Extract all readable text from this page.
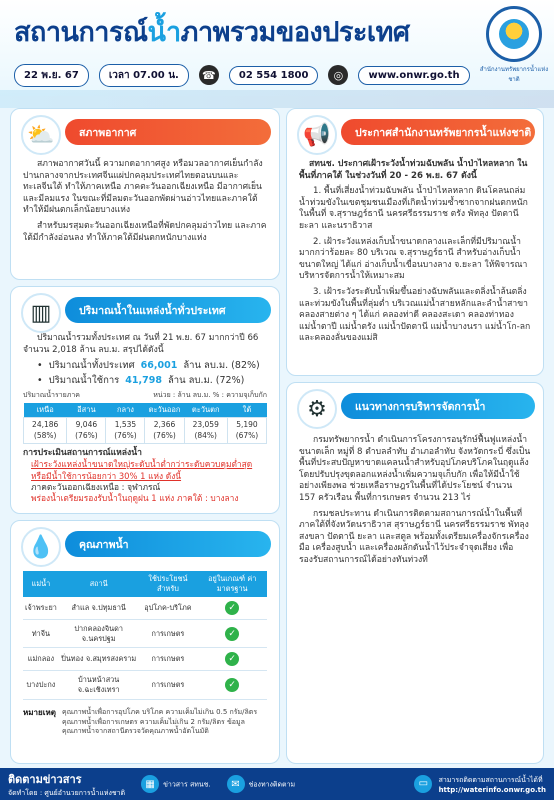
สถานการณ์น้ำภาพรวมของประเทศ
สำนักงานทรัพยากรน้ำแห่งชาติ
22 พ.ย. 67	เวลา 07.00 น.	☎	02 554 1800	◎	www.onwr.go.th
⛅	สภาพอากาศ

สภาพอากาศวันนี้ ความกดอากาศสูง หรือมวลอากาศเย็นกำลังปานกลางจากประเทศจีนแผ่ปกคลุมประเทศไทยตอนบนและทะเลจีนใต้ ทำให้ภาคเหนือ ภาคตะวันออกเฉียงเหนือ มีอากาศเย็นและมีลมแรง ในขณะที่มีลมตะวันออกพัดผ่านอ่าวไทยและภาคใต้ ทำให้มีฝนตกเล็กน้อยบางแห่ง

สำหรับมรสุมตะวันออกเฉียงเหนือที่พัดปกคลุมอ่าวไทย และภาคใต้มีกำลังอ่อนลง ทำให้ภาคใต้มีฝนตกหนักบางแห่ง

▥	ปริมาณน้ำในแหล่งน้ำทั่วประเทศ

ปริมาณน้ำรวมทั้งประเทศ ณ วันที่ 21 พ.ย. 67 มากกว่าปี 66 จำนวน 2,018 ล้าน ลบ.ม. สรุปได้ดังนี้

• ปริมาณน้ำทั้งประเทศ 66,001 ล้าน ลบ.ม. (82%)
• ปริมาณน้ำใช้การ 41,798 ล้าน ลบ.ม. (72%)
ปริมาณน้ำรายภาค	หน่วย : ล้าน ลบ.ม. % : ความจุเก็บกัก
เหนือ	อีสาน	กลาง	ตะวันออก	ตะวันตก	ใต้
24,186 (58%)	9,046 (76%)	1,535 (76%)	2,366 (76%)	23,059 (84%)	5,190 (67%)
การประเมินสถานการณ์แหล่งน้ำ
เฝ้าระวังแหล่งน้ำขนาดใหญ่ระดับน้ำต่ำกว่าระดับควบคุมต่ำสุดหรือมีน้ำใช้การน้อยกว่า 30% 1 แห่ง ดังนี้
ภาคตะวันออกเฉียงเหนือ : จุฬาภรณ์
พร่องน้ำเตรียมรองรับน้ำในฤดูฝน 1 แห่ง ภาคใต้ : บางลาง
💧	คุณภาพน้ำ
แม่น้ำ	สถานี	ใช้ประโยชน์ สำหรับ	อยู่ในเกณฑ์ ค่ามาตรฐาน
เจ้าพระยา	สำแล จ.ปทุมธานี	อุปโภค-บริโภค	✓
ท่าจีน	ปากคลองจินดา จ.นครปฐม	การเกษตร	✓
แม่กลอง	ปิ่นทอง จ.สมุทรสงคราม	การเกษตร	✓
บางปะกง	บ้านหน้าสวน จ.ฉะเชิงเทรา	การเกษตร	✓
หมายเหตุ คุณภาพน้ำเพื่อการอุปโภค บริโภค ความเค็มไม่เกิน 0.5 กรัม/ลิตร คุณภาพน้ำเพื่อการเกษตร ความเค็มไม่เกิน 2 กรัม/ลิตร ข้อมูลคุณภาพน้ำจากสถานีตรวจวัดคุณภาพน้ำอัตโนมัติ
📢	ประกาศสำนักงานทรัพยากรน้ำแห่งชาติ

สทนช. ประกาศเฝ้าระวังน้ำท่วมฉับพลัน น้ำป่าไหลหลาก ในพื้นที่ภาคใต้ ในช่วงวันที่ 20 - 26 พ.ย. 67 ดังนี้

1. พื้นที่เสี่ยงน้ำท่วมฉับพลัน น้ำป่าไหลหลาก ดินโคลนถล่ม น้ำท่วมขังในเขตชุมชนเมืองที่เกิดน้ำท่วมซ้ำซากจากฝนตกหนักในพื้นที่ จ.สุราษฎร์ธานี นครศรีธรรมราช ตรัง พัทลุง ปัตตานี ยะลา และนราธิวาส

2. เฝ้าระวังแหล่งเก็บน้ำขนาดกลางและเล็กที่มีปริมาณน้ำมากกว่าร้อยละ 80 บริเวณ จ.สุราษฎร์ธานี สำหรับอ่างเก็บน้ำขนาดใหญ่ ได้แก่ อ่างเก็บน้ำเขื่อนบางลาง จ.ยะลา ให้พิจารณาบริหารจัดการน้ำให้เหมาะสม

3. เฝ้าระวังระดับน้ำเพิ่มขึ้นอย่างฉับพลันและตลิ่งน้ำล้นตลิ่งและท่วมขังในพื้นที่ลุ่มต่ำ บริเวณแม่น้ำสายหลักและลำน้ำสาขา คลองสายต่าง ๆ ได้แก่ คลองท่าดี คลองสะเดา คลองท่าทอง แม่น้ำตาปี แม่น้ำตรัง แม่น้ำปัตตานี แม่น้ำบางนรา แม่น้ำโก-ลก และคลองลั่นของแม่สิ

⚙	แนวทางการบริหารจัดการน้ำ

กรมทรัพยากรน้ำ ดำเนินการโครงการอนุรักษ์ฟื้นฟูแหล่งน้ำขนาดเล็ก หมู่ที่ 8 ตำบลลำทับ อำเภอลำทับ จังหวัดกระบี่ ซึ่งเป็นพื้นที่ประสบปัญหาขาดแคลนน้ำสำหรับอุปโภคบริโภคในฤดูแล้ง โดยปรับปรุงขุดลอกแหล่งน้ำเพิ่มความจุเก็บกัก เพื่อให้มีน้ำใช้อย่างเพียงพอ ช่วยเหลือราษฎรในพื้นที่ได้ประโยชน์ จำนวน 157 ครัวเรือน พื้นที่การเกษตร จำนวน 213 ไร่

กรมชลประทาน ดำเนินการติดตามสถานการณ์น้ำในพื้นที่ภาคใต้ที่จังหวัดนราธิวาส สุราษฎร์ธานี นครศรีธรรมราช พัทลุง สงขลา ปัตตานี ยะลา และสตูล พร้อมทั้งเตรียมเครื่องจักรเครื่องมือ เครื่องสูบน้ำ และเครื่องผลักดันน้ำไว้ประจำจุดเสี่ยง เพื่อรองรับสถานการณ์ได้อย่างทันท่วงที

ติดตามข่าวสาร
จัดทำโดย : ศูนย์อำนวยการน้ำแห่งชาติ
▦ ข่าวสาร สทนช.	✉ ช่องทางติดตาม	▭ สามารถติดตามสถานการณ์น้ำได้ที่
http://waterinfo.onwr.go.th
